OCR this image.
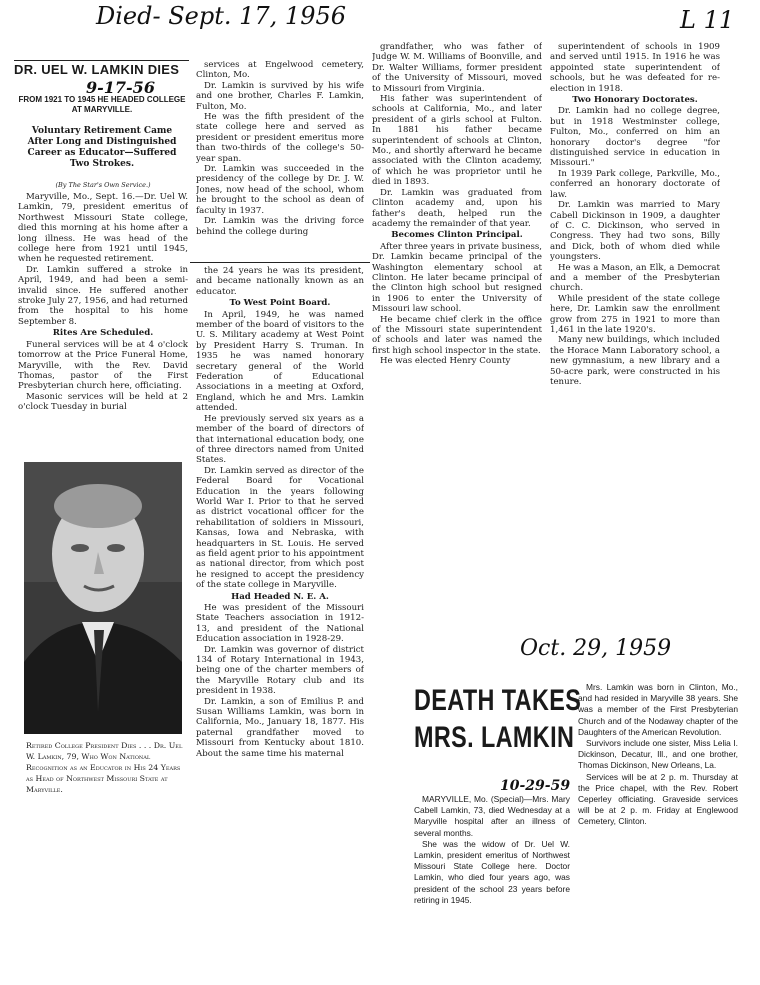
Died- Sept. 17, 1956	L 11
9-17-56
Oct. 29, 1959
10-29-59
DR. UEL W. LAMKIN DIES
FROM 1921 TO 1945 HE HEADED COLLEGE AT MARYVILLE.
Voluntary Retirement Came After Long and Distinguished Career as Educator—Suffered Two Strokes.

(By The Star's Own Service.)

Maryville, Mo., Sept. 16.—Dr. Uel W. Lamkin, 79, president emeritus of Northwest Missouri State college, died this morning at his home after a long illness. He was head of the college here from 1921 until 1945, when he requested retirement.

Dr. Lamkin suffered a stroke in April, 1949, and had been a semi-invalid since. He suffered another stroke July 27, 1956, and had returned from the hospital to his home September 8.

Rites Are Scheduled.

Funeral services will be at 4 o'clock tomorrow at the Price Funeral Home, Maryville, with the Rev. David Thomas, pastor of the First Presbyterian church here, officiating.

Masonic services will be held at 2 o'clock Tuesday in burial

Retired College President Dies . . . Dr. Uel W. Lamkin, 79, Who Won National Recognition as an Educator in His 24 Years as Head of Northwest Missouri State at Maryville.

services at Engelwood cemetery, Clinton, Mo.

Dr. Lamkin is survived by his wife and one brother, Charles F. Lamkin, Fulton, Mo.

He was the fifth president of the state college here and served as president or president emeritus more than two-thirds of the college's 50-year span.

Dr. Lamkin was succeeded in the presidency of the college by Dr. J. W. Jones, now head of the school, whom he brought to the school as dean of faculty in 1937.

Dr. Lamkin was the driving force behind the college during

the 24 years he was its president, and became nationally known as an educator.

To West Point Board.

In April, 1949, he was named member of the board of visitors to the U. S. Military academy at West Point by President Harry S. Truman. In 1935 he was named honorary secretary general of the World Federation of Educational Associations in a meeting at Oxford, England, which he and Mrs. Lamkin attended.

He previously served six years as a member of the board of directors of that international education body, one of three directors named from United States.

Dr. Lamkin served as director of the Federal Board for Vocational Education in the years following World War I. Prior to that he served as district vocational officer for the rehabilitation of soldiers in Missouri, Kansas, Iowa and Nebraska, with headquarters in St. Louis. He served as field agent prior to his appointment as national director, from which post he resigned to accept the presidency of the state college in Maryville.

Had Headed N. E. A.

He was president of the Missouri State Teachers association in 1912-13, and president of the National Education association in 1928-29.

Dr. Lamkin was governor of district 134 of Rotary International in 1943, being one of the charter members of the Maryville Rotary club and its president in 1938.

Dr. Lamkin, a son of Emilius P. and Susan Williams Lamkin, was born in California, Mo., January 18, 1877. His paternal grandfather moved to Missouri from Kentucky about 1810. About the same time his maternal

grandfather, who was father of Judge W. M. Williams of Boonville, and Dr. Walter Williams, former president of the University of Missouri, moved to Missouri from Virginia.

His father was superintendent of schools at California, Mo., and later president of a girls school at Fulton. In 1881 his father became superintendent of schools at Clinton, Mo., and shortly afterward he became associated with the Clinton academy, of which he was proprietor until he died in 1893.

Dr. Lamkin was graduated from Clinton academy and, upon his father's death, helped run the academy the remainder of that year.

Becomes Clinton Principal.

After three years in private business, Dr. Lamkin became principal of the Washington elementary school at Clinton. He later became principal of the Clinton high school but resigned in 1906 to enter the University of Missouri law school.

He became chief clerk in the office of the Missouri state superintendent of schools and later was named the first high school inspector in the state.

He was elected Henry County

superintendent of schools in 1909 and served until 1915. In 1916 he was appointed state superintendent of schools, but he was defeated for re-election in 1918.

Two Honorary Doctorates.

Dr. Lamkin had no college degree, but in 1918 Westminster college, Fulton, Mo., conferred on him an honorary doctor's degree "for distinguished service in education in Missouri."

In 1939 Park college, Parkville, Mo., conferred an honorary doctorate of law.

Dr. Lamkin was married to Mary Cabell Dickinson in 1909, a daughter of C. C. Dickinson, who served in Congress. They had two sons, Billy and Dick, both of whom died while youngsters.

He was a Mason, an Elk, a Democrat and a member of the Presbyterian church.

While president of the state college here, Dr. Lamkin saw the enrollment grow from 275 in 1921 to more than 1,461 in the late 1920's.

Many new buildings, which included the Horace Mann Laboratory school, a new gymnasium, a new library and a 50-acre park, were constructed in his tenure.

DEATH TAKES
MRS. LAMKIN

MARYVILLE, Mo. (Special)—Mrs. Mary Cabell Lamkin, 73, died Wednesday at a Maryville hospital after an illness of several months.

She was the widow of Dr. Uel W. Lamkin, president emeritus of Northwest Missouri State College here. Doctor Lamkin, who died four years ago, was president of the school 23 years before retiring in 1945.

Mrs. Lamkin was born in Clinton, Mo., and had resided in Maryville 38 years. She was a member of the First Presbyterian Church and of the Nodaway chapter of the Daughters of the American Revolution.

Survivors include one sister, Miss Lelia I. Dickinson, Decatur, Ill., and one brother, Thomas Dickinson, New Orleans, La.

Services will be at 2 p. m. Thursday at the Price chapel, with the Rev. Robert Ceperley officiating. Graveside services will be at 2 p. m. Friday at Englewood Cemetery, Clinton.
